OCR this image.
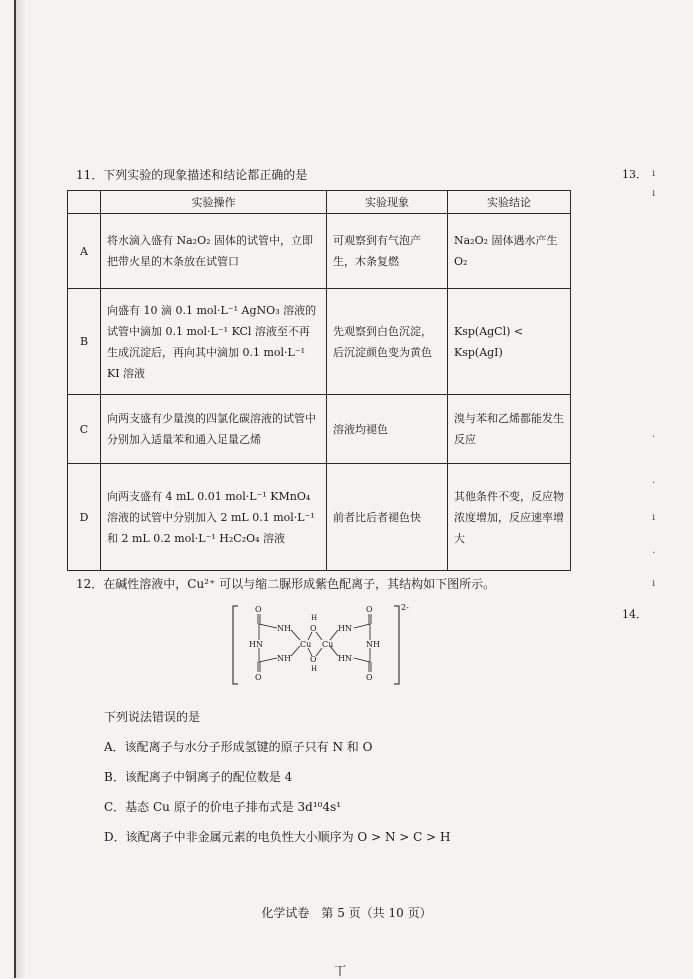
11．下列实验的现象描述和结论都正确的是
	实验操作	实验现象	实验结论
A	将水滴入盛有 Na₂O₂ 固体的试管中，立即把带火星的木条放在试管口	可观察到有气泡产生，木条复燃	Na₂O₂ 固体遇水产生 O₂
B	向盛有 10 滴 0.1 mol·L⁻¹ AgNO₃ 溶液的试管中滴加 0.1 mol·L⁻¹ KCl 溶液至不再生成沉淀后，再向其中滴加 0.1 mol·L⁻¹ KI 溶液	先观察到白色沉淀，后沉淀颜色变为黄色	Ksp(AgCl) < Ksp(AgI)
C	向两支盛有少量溴的四氯化碳溶液的试管中分别加入适量苯和通入足量乙烯	溶液均褪色	溴与苯和乙烯都能发生反应
D	向两支盛有 4 mL 0.01 mol·L⁻¹ KMnO₄ 溶液的试管中分别加入 2 mL 0.1 mol·L⁻¹ 和 2 mL 0.2 mol·L⁻¹ H₂C₂O₄ 溶液	前者比后者褪色快	其他条件不变，反应物浓度增加，反应速率增大
12．在碱性溶液中，Cu²⁺ 可以与缩二脲形成紫色配离子，其结构如下图所示。
2-
O
O
O
O
NH
NH
HN
HN
HN
NH
Cu Cu
H
O
O
H
下列说法错误的是
A．该配离子与水分子形成氢键的原子只有 N 和 O
B．该配离子中铜离子的配位数是 4
C．基态 Cu 原子的价电子排布式是 3d¹⁰4s¹
D．该配离子中非金属元素的电负性大小顺序为 O > N > C > H
化学试卷　第 5 页（共 10 页）
13．
14．
ı
ı
·
·
ı
·
ı
丅
